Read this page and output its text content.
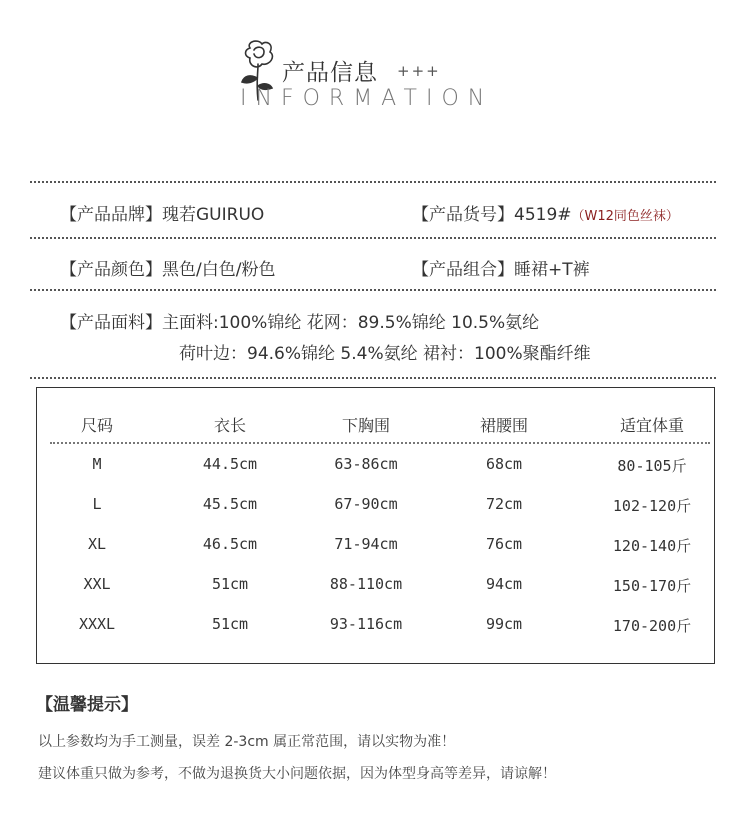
产品信息 +++
INFORMATION
【产品品牌】瑰若GUIRUO	【产品货号】4519#（W12同色丝袜）
【产品颜色】黑色/白色/粉色	【产品组合】睡裙+T裤
【产品面料】主面料:100%锦纶 花网：89.5%锦纶 10.5%氨纶
荷叶边：94.6%锦纶 5.4%氨纶 裙衬：100%聚酯纤维
尺码	衣长	下胸围	裙腰围	适宜体重
M	44.5cm	63-86cm	68cm	80-105斤
L	45.5cm	67-90cm	72cm	102-120斤
XL	46.5cm	71-94cm	76cm	120-140斤
XXL	51cm	88-110cm	94cm	150-170斤
XXXL	51cm	93-116cm	99cm	170-200斤
【温馨提示】
以上参数均为手工测量，误差 2-3cm 属正常范围，请以实物为准！
建议体重只做为参考，不做为退换货大小问题依据，因为体型身高等差异，请谅解！
